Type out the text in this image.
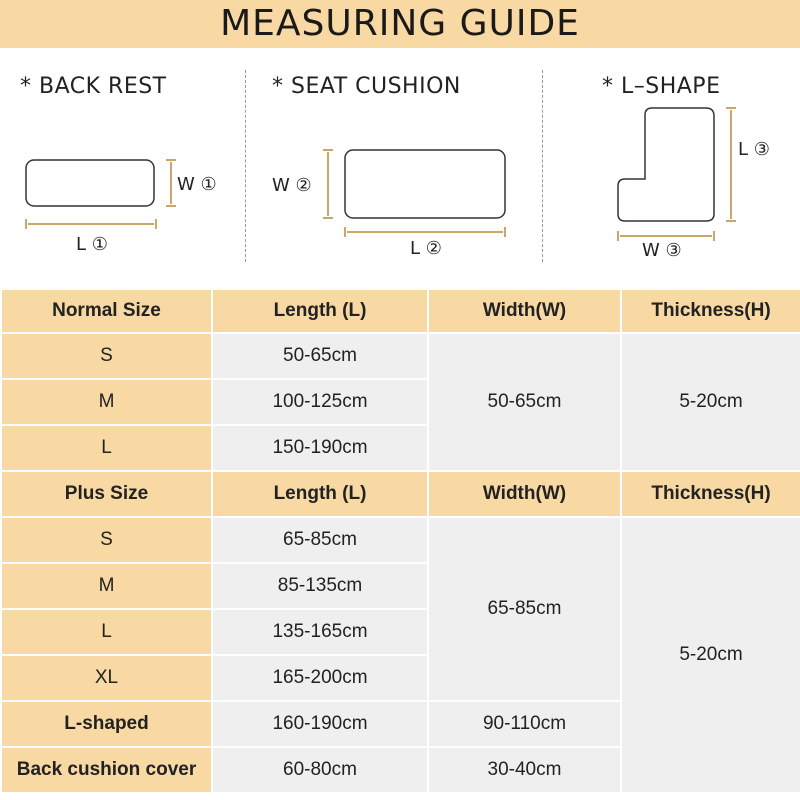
MEASURING GUIDE
* BACK REST	* SEAT CUSHION	* L–SHAPE
W ①
L ①
W ②
L ②
L ③
W ③
Normal Size	Length (L)	Width(W)	Thickness(H)
S	50-65cm	50-65cm	5-20cm
M	100-125cm		
L	150-190cm		
Plus Size	Length (L)	Width(W)	Thickness(H)
S	65-85cm	65-85cm	5-20cm
M	85-135cm		
L	135-165cm		
XL	165-200cm		
L-shaped	160-190cm	90-110cm	
Back cushion cover	60-80cm	30-40cm	
